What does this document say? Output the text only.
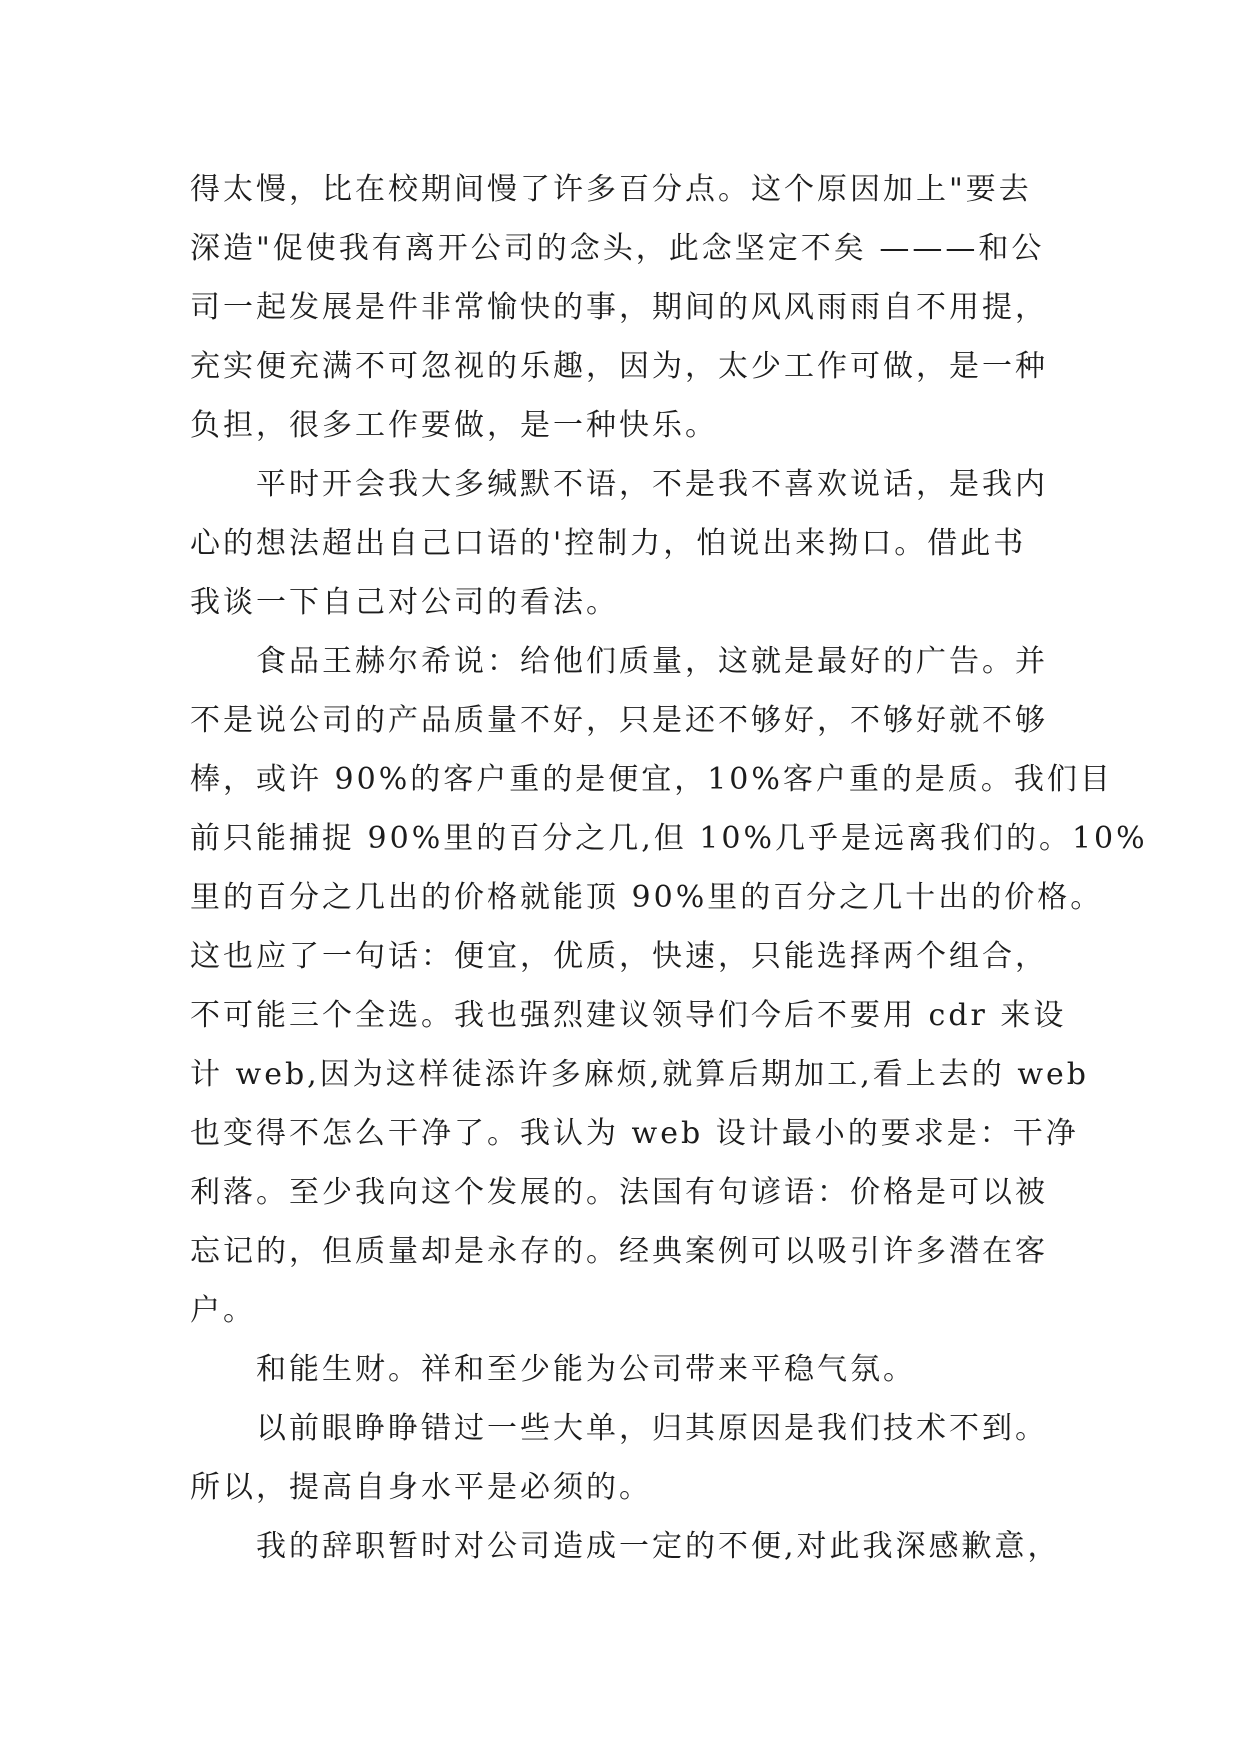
得太慢，比在校期间慢了许多百分点。这个原因加上"要去
深造"促使我有离开公司的念头，此念坚定不矣 ———和公
司一起发展是件非常愉快的事，期间的风风雨雨自不用提，
充实便充满不可忽视的乐趣，因为，太少工作可做，是一种
负担，很多工作要做，是一种快乐。
平时开会我大多缄默不语，不是我不喜欢说话，是我内
心的想法超出自己口语的'控制力，怕说出来拗口。借此书
我谈一下自己对公司的看法。
食品王赫尔希说：给他们质量，这就是最好的广告。并
不是说公司的产品质量不好，只是还不够好，不够好就不够
棒，或许 90%的客户重的是便宜，10%客户重的是质。我们目
前只能捕捉 90%里的百分之几,但 10%几乎是远离我们的。10%
里的百分之几出的价格就能顶 90%里的百分之几十出的价格。
这也应了一句话：便宜，优质，快速，只能选择两个组合，
不可能三个全选。我也强烈建议领导们今后不要用 cdr 来设
计 web,因为这样徒添许多麻烦,就算后期加工,看上去的 web
也变得不怎么干净了。我认为 web 设计最小的要求是：干净
利落。至少我向这个发展的。法国有句谚语：价格是可以被
忘记的，但质量却是永存的。经典案例可以吸引许多潜在客
户。
和能生财。祥和至少能为公司带来平稳气氛。
以前眼睁睁错过一些大单，归其原因是我们技术不到。
所以，提高自身水平是必须的。
我的辞职暂时对公司造成一定的不便,对此我深感歉意，
